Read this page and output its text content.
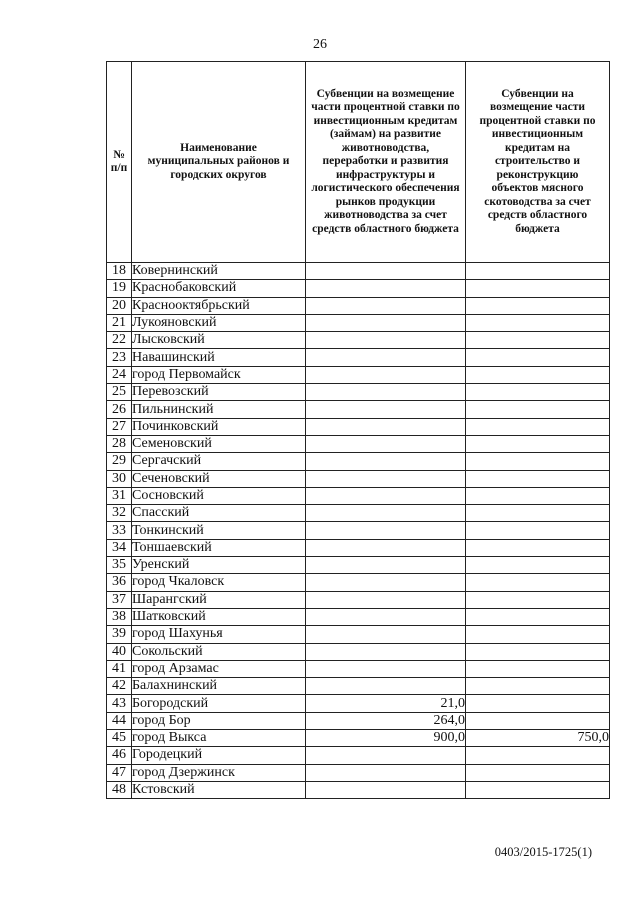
26
№ п/п	Наименование муниципальных районов и городских округов	Субвенции на возмещение части процентной ставки по инвестиционным кредитам (займам) на развитие животноводства, переработки и развития инфраструктуры и логистического обеспечения рынков продукции животноводства за счет средств областного бюджета	Субвенции на возмещение части процентной ставки по инвестиционным кредитам на строительство и реконструкцию объектов мясного скотоводства за счет средств областного бюджета
18	Ковернинский		
19	Краснобаковский		
20	Краснооктябрьский		
21	Лукояновский		
22	Лысковский		
23	Навашинский		
24	город Первомайск		
25	Перевозский		
26	Пильнинский		
27	Починковский		
28	Семеновский		
29	Сергачский		
30	Сеченовский		
31	Сосновский		
32	Спасский		
33	Тонкинский		
34	Тоншаевский		
35	Уренский		
36	город Чкаловск		
37	Шарангский		
38	Шатковский		
39	город Шахунья		
40	Сокольский		
41	город Арзамас		
42	Балахнинский		
43	Богородский	21,0	
44	город Бор	264,0	
45	город Выкса	900,0	750,0
46	Городецкий		
47	город Дзержинск		
48	Кстовский		
0403/2015-1725(1)
